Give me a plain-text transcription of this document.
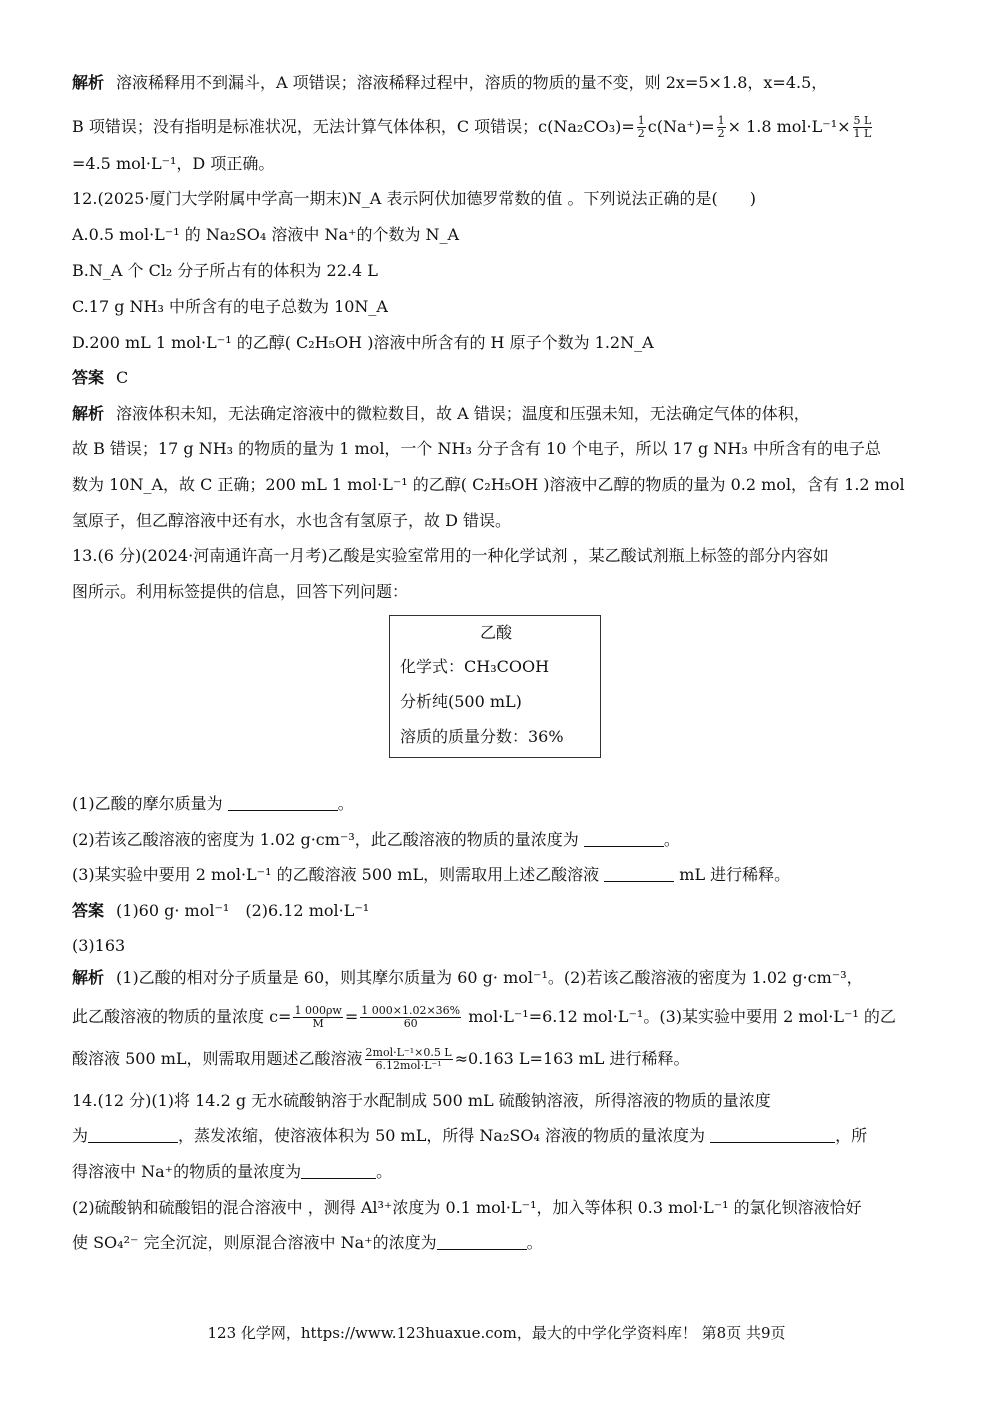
解析 溶液稀释用不到漏斗，A 项错误；溶液稀释过程中，溶质的物质的量不变，则 2x=5×1.8，x=4.5，
B 项错误；没有指明是标准状况，无法计算气体体积，C 项错误；$c(Na_2CO_3)= \frac{1}{2} c(Na^+)= \frac{1}{2} \times 1.8$ $mol\cdot L^{-1}\times \frac{5 L}{1 L}$
=4.5 mol·L⁻¹，D 项正确。
12.(2025·厦门大学附属中学高一期末)N_A 表示阿伏加德罗常数的值 。下列说法正确的是(　　)
A.0.5 mol·L⁻¹ 的 Na₂SO₄ 溶液中 Na⁺的个数为 N_A
B.N_A 个 Cl₂ 分子所占有的体积为 22.4 L
C.17 g NH₃ 中所含有的电子总数为 10N_A
D.200 mL 1 mol·L⁻¹ 的乙醇( C₂H₅OH )溶液中所含有的 H 原子个数为 1.2N_A
答案 C
解析 溶液体积未知，无法确定溶液中的微粒数目，故 A 错误；温度和压强未知，无法确定气体的体积，
故 B 错误；17 g NH₃ 的物质的量为 1 mol，一个 NH₃ 分子含有 10 个电子，所以 17 g NH₃ 中所含有的电子总
数为 10N_A，故 C 正确；200 mL 1 mol·L⁻¹ 的乙醇( C₂H₅OH )溶液中乙醇的物质的量为 0.2 mol，含有 1.2 mol
氢原子，但乙醇溶液中还有水，水也含有氢原子，故 D 错误。
13.(6 分)(2024·河南通许高一月考)乙酸是实验室常用的一种化学试剂 ，某乙酸试剂瓶上标签的部分内容如
图所示。利用标签提供的信息，回答下列问题：
乙酸
化学式：CH₃COOH
分析纯(500 mL)
溶质的质量分数：36%
(1)乙酸的摩尔质量为	。
(2)若该乙酸溶液的密度为 1.02 g·cm⁻³，此乙酸溶液的物质的量浓度为	。
(3)某实验中要用 2 mol·L⁻¹ 的乙酸溶液 500 mL，则需取用上述乙酸溶液	mL 进行稀释。
答案 (1)60 g· mol⁻¹　(2)6.12 mol·L⁻¹
(3)163
解析 (1)乙酸的相对分子质量是 60，则其摩尔质量为 60 g· mol⁻¹。(2)若该乙酸溶液的密度为 1.02 g·cm⁻³，
此乙酸溶液的物质的量浓度 $c= \frac{1 000\rho w}{M} = \frac{1 000\times 1.02\times 36\%}{60} mol\cdot L^{-1}=6.12$ mol·L⁻¹。(3)某实验中要用 2 mol·L⁻¹ 的乙
酸溶液 500 mL，则需取用题述乙酸溶液 $\frac{\text{2mol·L⁻¹×0.5 L}}{\text{6.12mol·L⁻¹}} \approx 0.163$ L=163 mL 进行稀释。
14.(12 分)(1)将 14.2 g 无水硫酸钠溶于水配制成 500 mL 硫酸钠溶液，所得溶液的物质的量浓度
为	，蒸发浓缩，使溶液体积为 50 mL，所得 Na₂SO₄ 溶液的物质的量浓度为	，所
得溶液中 Na⁺的物质的量浓度为	。
(2)硫酸钠和硫酸铝的混合溶液中 ，测得 Al³⁺浓度为 0.1 mol·L⁻¹，加入等体积 0.3 mol·L⁻¹ 的氯化钡溶液恰好
使 SO₄²⁻ 完全沉淀，则原混合溶液中 Na⁺的浓度为	。
123 化学网，https://www.123huaxue.com，最大的中学化学资料库！ 第8页 共9页
